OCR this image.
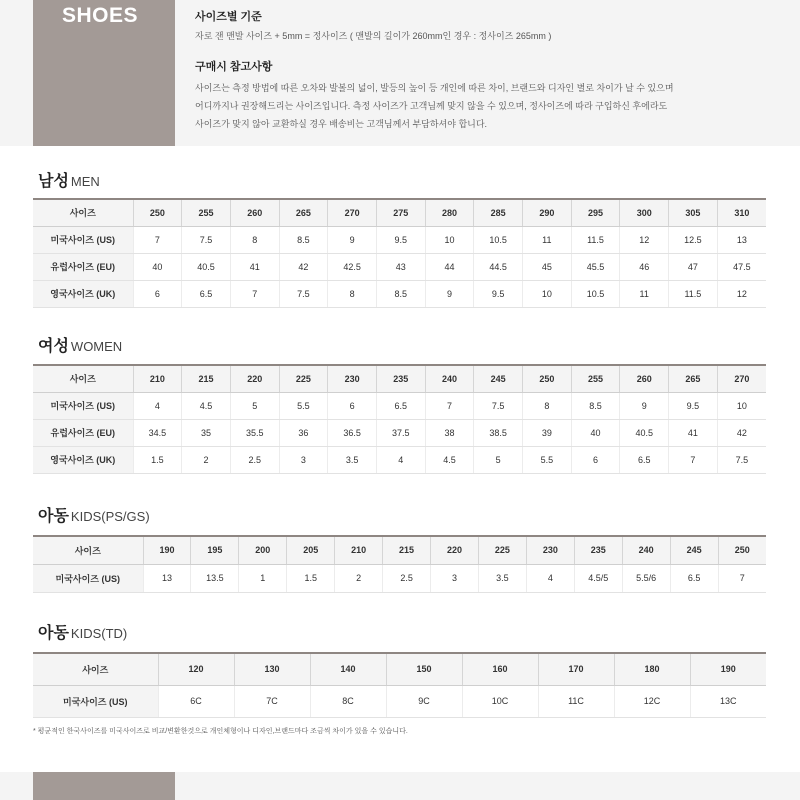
SHOES	사이즈별 기준
자로 잰 맨발 사이즈 + 5mm = 정사이즈 ( 맨발의 길이가 260mm인 경우 : 정사이즈 265mm )
구매시 참고사항
사이즈는 측정 방법에 따른 오차와 발볼의 넓이, 발등의 높이 등 개인에 따른 차이, 브랜드와 디자인 별로 차이가 날 수 있으며
어디까지나 권장해드리는 사이즈입니다. 측정 사이즈가 고객님께 맞지 않을 수 있으며, 정사이즈에 따라 구입하신 후에라도
사이즈가 맞지 않아 교환하실 경우 배송비는 고객님께서 부담하셔야 합니다.
남성 MEN
사이즈	250	255	260	265	270	275	280	285	290	295	300	305	310
미국사이즈 (US)	7	7.5	8	8.5	9	9.5	10	10.5	11	11.5	12	12.5	13
유럽사이즈 (EU)	40	40.5	41	42	42.5	43	44	44.5	45	45.5	46	47	47.5
영국사이즈 (UK)	6	6.5	7	7.5	8	8.5	9	9.5	10	10.5	11	11.5	12
여성 WOMEN
사이즈	210	215	220	225	230	235	240	245	250	255	260	265	270
미국사이즈 (US)	4	4.5	5	5.5	6	6.5	7	7.5	8	8.5	9	9.5	10
유럽사이즈 (EU)	34.5	35	35.5	36	36.5	37.5	38	38.5	39	40	40.5	41	42
영국사이즈 (UK)	1.5	2	2.5	3	3.5	4	4.5	5	5.5	6	6.5	7	7.5
아동 KIDS(PS/GS)
사이즈	190	195	200	205	210	215	220	225	230	235	240	245	250
미국사이즈 (US)	13	13.5	1	1.5	2	2.5	3	3.5	4	4.5/5	5.5/6	6.5	7
아동 KIDS(TD)
사이즈	120	130	140	150	160	170	180	190
미국사이즈 (US)	6C	7C	8C	9C	10C	11C	12C	13C
* 평균적인 한국사이즈를 미국사이즈로 비교/변환한것으로 개인체형이나 디자인,브랜드마다 조금씩 차이가 있을 수 있습니다.
